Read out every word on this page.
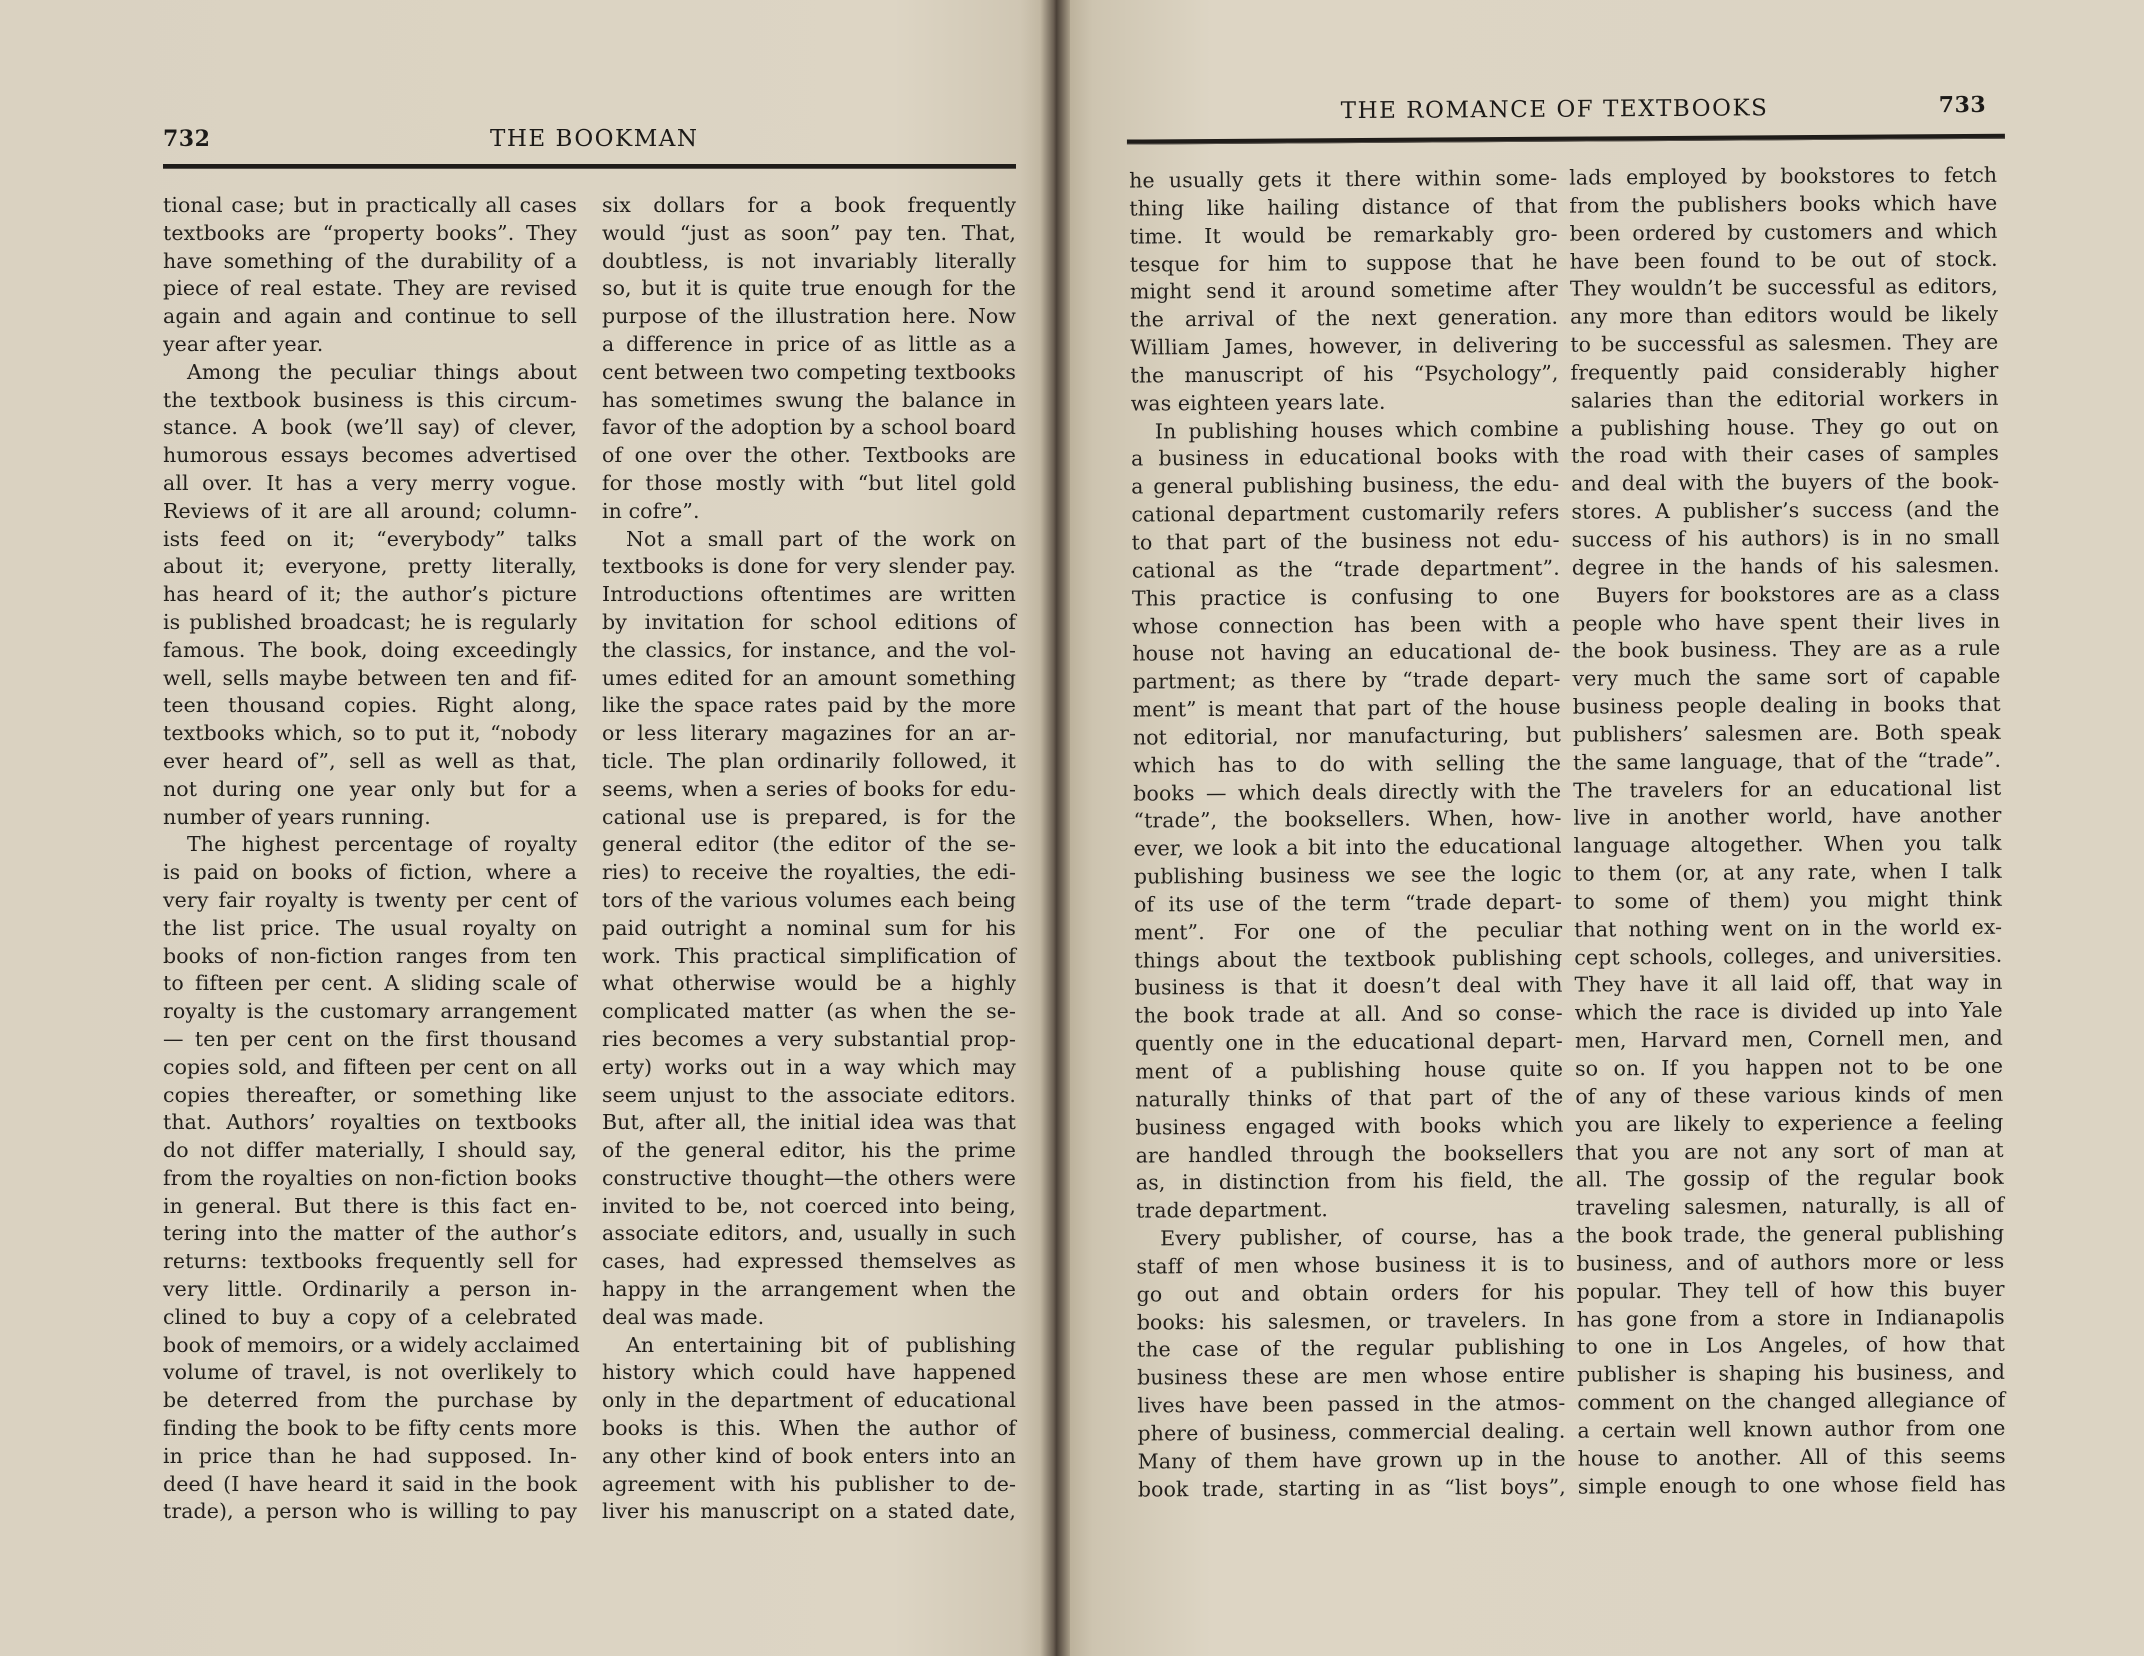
732	THE BOOKMAN
tional case; but in practically all cases
textbooks are “property books”. They
have something of the durability of a
piece of real estate. They are revised
again and again and continue to sell
year after year.
Among the peculiar things about
the textbook business is this circum-
stance. A book (we’ll say) of clever,
humorous essays becomes advertised
all over. It has a very merry vogue.
Reviews of it are all around; column-
ists feed on it; “everybody” talks
about it; everyone, pretty literally,
has heard of it; the author’s picture
is published broadcast; he is regularly
famous. The book, doing exceedingly
well, sells maybe between ten and fif-
teen thousand copies. Right along,
textbooks which, so to put it, “nobody
ever heard of”, sell as well as that,
not during one year only but for a
number of years running.
The highest percentage of royalty
is paid on books of fiction, where a
very fair royalty is twenty per cent of
the list price. The usual royalty on
books of non-fiction ranges from ten
to fifteen per cent. A sliding scale of
royalty is the customary arrangement
— ten per cent on the first thousand
copies sold, and fifteen per cent on all
copies thereafter, or something like
that. Authors’ royalties on textbooks
do not differ materially, I should say,
from the royalties on non-fiction books
in general. But there is this fact en-
tering into the matter of the author’s
returns: textbooks frequently sell for
very little. Ordinarily a person in-
clined to buy a copy of a celebrated
book of memoirs, or a widely acclaimed
volume of travel, is not overlikely to
be deterred from the purchase by
finding the book to be fifty cents more
in price than he had supposed. In-
deed (I have heard it said in the book
trade), a person who is willing to pay
six dollars for a book frequently
would “just as soon” pay ten. That,
doubtless, is not invariably literally
so, but it is quite true enough for the
purpose of the illustration here. Now
a difference in price of as little as a
cent between two competing textbooks
has sometimes swung the balance in
favor of the adoption by a school board
of one over the other. Textbooks are
for those mostly with “but litel gold
in cofre”.
Not a small part of the work on
textbooks is done for very slender pay.
Introductions oftentimes are written
by invitation for school editions of
the classics, for instance, and the vol-
umes edited for an amount something
like the space rates paid by the more
or less literary magazines for an ar-
ticle. The plan ordinarily followed, it
seems, when a series of books for edu-
cational use is prepared, is for the
general editor (the editor of the se-
ries) to receive the royalties, the edi-
tors of the various volumes each being
paid outright a nominal sum for his
work. This practical simplification of
what otherwise would be a highly
complicated matter (as when the se-
ries becomes a very substantial prop-
erty) works out in a way which may
seem unjust to the associate editors.
But, after all, the initial idea was that
of the general editor, his the prime
constructive thought—the others were
invited to be, not coerced into being,
associate editors, and, usually in such
cases, had expressed themselves as
happy in the arrangement when the
deal was made.
An entertaining bit of publishing
history which could have happened
only in the department of educational
books is this. When the author of
any other kind of book enters into an
agreement with his publisher to de-
liver his manuscript on a stated date,
THE ROMANCE OF TEXTBOOKS	733
he usually gets it there within some-
thing like hailing distance of that
time. It would be remarkably gro-
tesque for him to suppose that he
might send it around sometime after
the arrival of the next generation.
William James, however, in delivering
the manuscript of his “Psychology”,
was eighteen years late.
In publishing houses which combine
a business in educational books with
a general publishing business, the edu-
cational department customarily refers
to that part of the business not edu-
cational as the “trade department”.
This practice is confusing to one
whose connection has been with a
house not having an educational de-
partment; as there by “trade depart-
ment” is meant that part of the house
not editorial, nor manufacturing, but
which has to do with selling the
books — which deals directly with the
“trade”, the booksellers. When, how-
ever, we look a bit into the educational
publishing business we see the logic
of its use of the term “trade depart-
ment”. For one of the peculiar
things about the textbook publishing
business is that it doesn’t deal with
the book trade at all. And so conse-
quently one in the educational depart-
ment of a publishing house quite
naturally thinks of that part of the
business engaged with books which
are handled through the booksellers
as, in distinction from his field, the
trade department.
Every publisher, of course, has a
staff of men whose business it is to
go out and obtain orders for his
books: his salesmen, or travelers. In
the case of the regular publishing
business these are men whose entire
lives have been passed in the atmos-
phere of business, commercial dealing.
Many of them have grown up in the
book trade, starting in as “list boys”,
lads employed by bookstores to fetch
from the publishers books which have
been ordered by customers and which
have been found to be out of stock.
They wouldn’t be successful as editors,
any more than editors would be likely
to be successful as salesmen. They are
frequently paid considerably higher
salaries than the editorial workers in
a publishing house. They go out on
the road with their cases of samples
and deal with the buyers of the book-
stores. A publisher’s success (and the
success of his authors) is in no small
degree in the hands of his salesmen.
Buyers for bookstores are as a class
people who have spent their lives in
the book business. They are as a rule
very much the same sort of capable
business people dealing in books that
publishers’ salesmen are. Both speak
the same language, that of the “trade”.
The travelers for an educational list
live in another world, have another
language altogether. When you talk
to them (or, at any rate, when I talk
to some of them) you might think
that nothing went on in the world ex-
cept schools, colleges, and universities.
They have it all laid off, that way in
which the race is divided up into Yale
men, Harvard men, Cornell men, and
so on. If you happen not to be one
of any of these various kinds of men
you are likely to experience a feeling
that you are not any sort of man at
all. The gossip of the regular book
traveling salesmen, naturally, is all of
the book trade, the general publishing
business, and of authors more or less
popular. They tell of how this buyer
has gone from a store in Indianapolis
to one in Los Angeles, of how that
publisher is shaping his business, and
comment on the changed allegiance of
a certain well known author from one
house to another. All of this seems
simple enough to one whose field has
